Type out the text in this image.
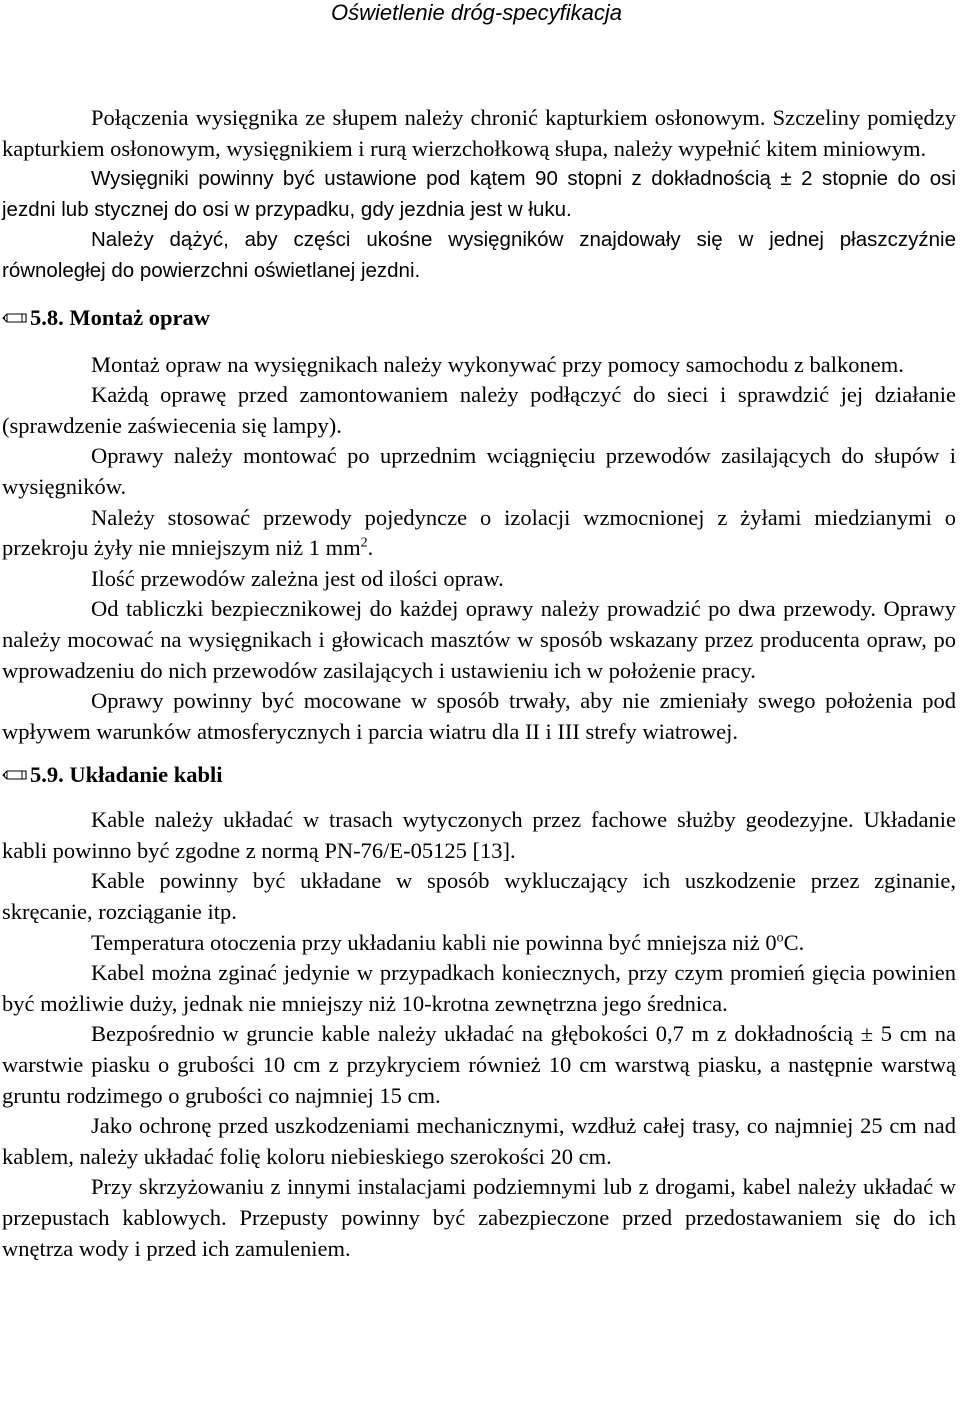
Oświetlenie dróg-specyfikacja

Połączenia wysięgnika ze słupem należy chronić kapturkiem osłonowym. Szczeliny pomiędzy kapturkiem osłonowym, wysięgnikiem i rurą wierzchołkową słupa, należy wypełnić kitem miniowym.

Wysięgniki powinny być ustawione pod kątem 90 stopni z dokładnością ± 2 stopnie do osi jezdni lub stycznej do osi w przypadku, gdy jezdnia jest w łuku.

Należy dążyć, aby części ukośne wysięgników znajdowały się w jednej płaszczyźnie równoległej do powierzchni oświetlanej jezdni.

5.8.
Montaż opraw

Montaż opraw na wysięgnikach należy wykonywać przy pomocy samochodu z balkonem.

Każdą oprawę przed zamontowaniem należy podłączyć do sieci i sprawdzić jej działanie (sprawdzenie zaświecenia się lampy).

Oprawy należy montować po uprzednim wciągnięciu przewodów zasilających do słupów i wysięgników.

Należy stosować przewody pojedyncze o izolacji wzmocnionej z żyłami miedzianymi o przekroju żyły nie mniejszym niż 1 $mm^2$.

Ilość przewodów zależna jest od ilości opraw.

Od tabliczki bezpiecznikowej do każdej oprawy należy prowadzić po dwa przewody. Oprawy należy mocować na wysięgnikach i głowicach masztów w sposób wskazany przez producenta opraw, po wprowadzeniu do nich przewodów zasilających i ustawieniu ich w położenie pracy.

Oprawy powinny być mocowane w sposób trwały, aby nie zmieniały swego położenia pod wpływem warunków atmosferycznych i parcia wiatru dla II i III strefy wiatrowej.

5.9.
Układanie kabli

Kable należy układać w trasach wytyczonych przez fachowe służby geodezyjne. Układanie kabli powinno być zgodne z normą PN-76/E-05125 [13].

Kable powinny być układane w sposób wykluczający ich uszkodzenie przez zginanie, skręcanie, rozciąganie itp.

Temperatura otoczenia przy układaniu kabli nie powinna być mniejsza niż 0$^o$C.

Kabel można zginać jedynie w przypadkach koniecznych, przy czym promień gięcia powinien być możliwie duży, jednak nie mniejszy niż 10-krotna zewnętrzna jego średnica.

Bezpośrednio w gruncie kable należy układać na głębokości 0,7 m z dokładnością ± 5 cm na warstwie piasku o grubości 10 cm z przykryciem również 10 cm warstwą piasku, a następnie warstwą gruntu rodzimego o grubości co najmniej 15 cm.

Jako ochronę przed uszkodzeniami mechanicznymi, wzdłuż całej trasy, co najmniej 25 cm nad kablem, należy układać folię koloru niebieskiego szerokości 20 cm.

Przy skrzyżowaniu z innymi instalacjami podziemnymi lub z drogami, kabel należy układać w przepustach kablowych. Przepusty powinny być zabezpieczone przed przedostawaniem się do ich wnętrza wody i przed ich zamuleniem.
